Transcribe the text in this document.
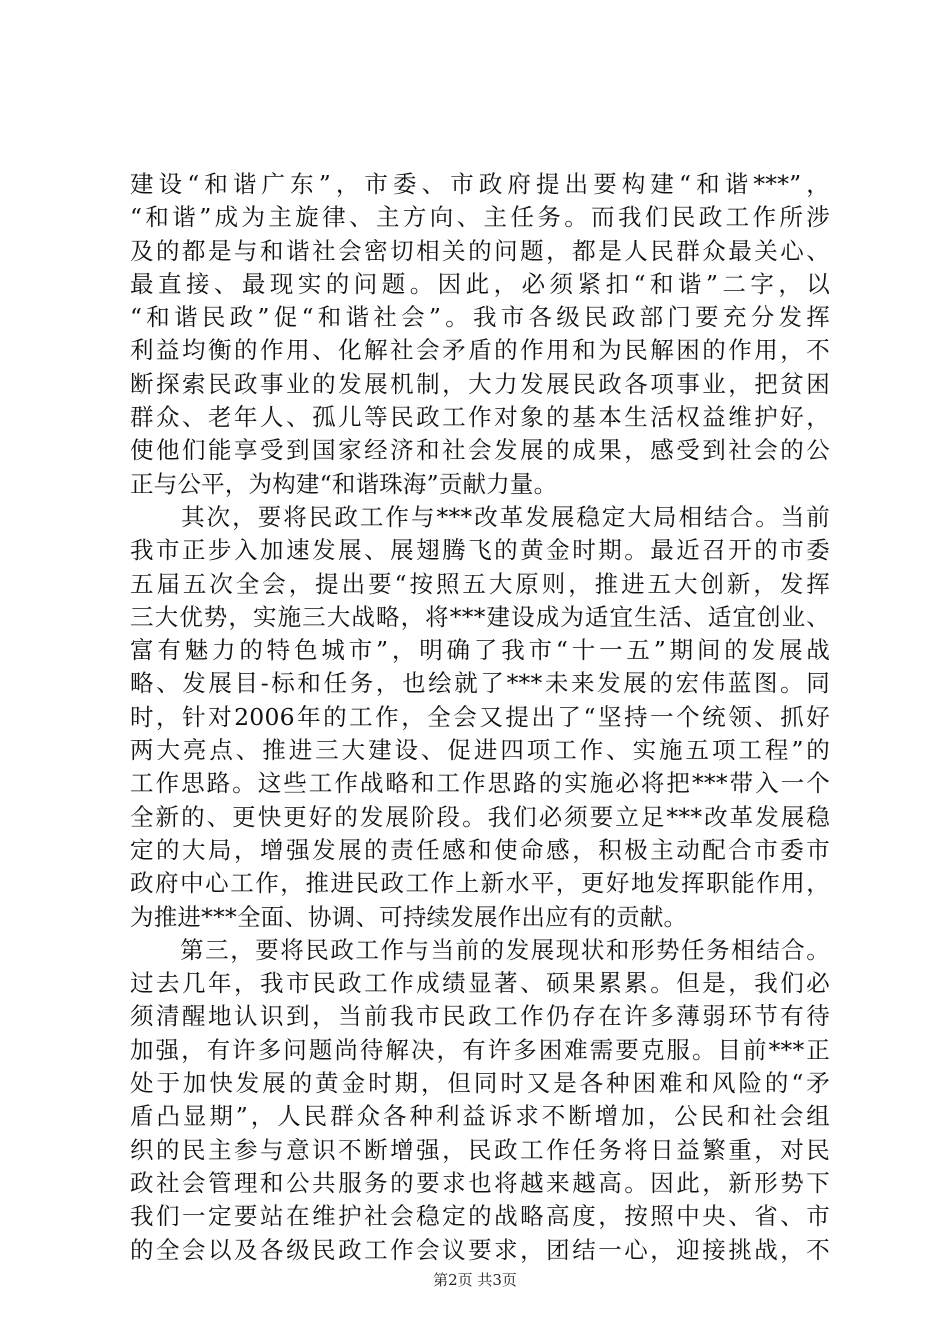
建设“和谐广东”，市委、市政府提出要构建“和谐***”，
“和谐”成为主旋律、主方向、主任务。而我们民政工作所涉
及的都是与和谐社会密切相关的问题，都是人民群众最关心、
最直接、最现实的问题。因此，必须紧扣“和谐”二字，以
“和谐民政”促“和谐社会”。我市各级民政部门要充分发挥
利益均衡的作用、化解社会矛盾的作用和为民解困的作用，不
断探索民政事业的发展机制，大力发展民政各项事业，把贫困
群众、老年人、孤儿等民政工作对象的基本生活权益维护好，
使他们能享受到国家经济和社会发展的成果，感受到社会的公
正与公平，为构建“和谐珠海”贡献力量。
　　其次，要将民政工作与***改革发展稳定大局相结合。当前
我市正步入加速发展、展翅腾飞的黄金时期。最近召开的市委
五届五次全会，提出要“按照五大原则，推进五大创新，发挥
三大优势，实施三大战略，将***建设成为适宜生活、适宜创业、
富有魅力的特色城市”，明确了我市“十一五”期间的发展战
略、发展目-标和任务，也绘就了***未来发展的宏伟蓝图。同
时，针对2006年的工作，全会又提出了“坚持一个统领、抓好
两大亮点、推进三大建设、促进四项工作、实施五项工程”的
工作思路。这些工作战略和工作思路的实施必将把***带入一个
全新的、更快更好的发展阶段。我们必须要立足***改革发展稳
定的大局，增强发展的责任感和使命感，积极主动配合市委市
政府中心工作，推进民政工作上新水平，更好地发挥职能作用，
为推进***全面、协调、可持续发展作出应有的贡献。
　　第三，要将民政工作与当前的发展现状和形势任务相结合。
过去几年，我市民政工作成绩显著、硕果累累。但是，我们必
须清醒地认识到，当前我市民政工作仍存在许多薄弱环节有待
加强，有许多问题尚待解决，有许多困难需要克服。目前***正
处于加快发展的黄金时期，但同时又是各种困难和风险的“矛
盾凸显期”，人民群众各种利益诉求不断增加，公民和社会组
织的民主参与意识不断增强，民政工作任务将日益繁重，对民
政社会管理和公共服务的要求也将越来越高。因此，新形势下
我们一定要站在维护社会稳定的战略高度，按照中央、省、市
的全会以及各级民政工作会议要求，团结一心，迎接挑战，不
第2页 共3页
